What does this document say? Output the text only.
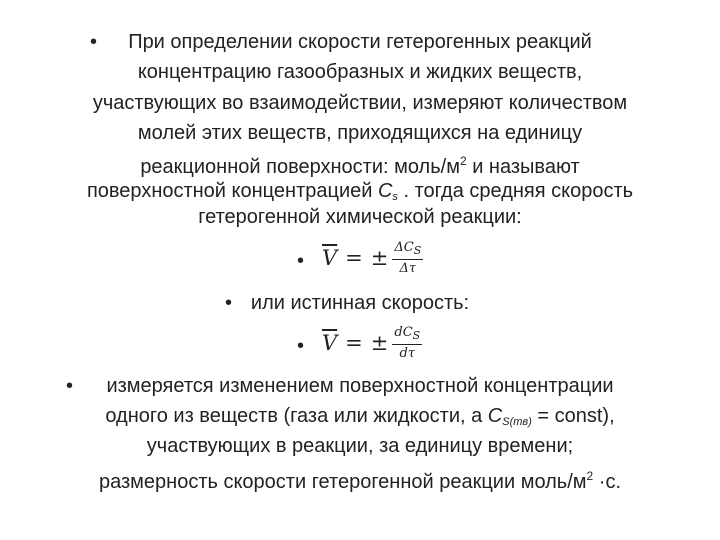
•	При определении скорости гетерогенных реакций
концентрацию газообразных и жидких веществ,
участвующих во взаимодействии, измеряют количеством
молей этих веществ, приходящихся на единицу
реакционной поверхности: моль/$м^2$ и называют
поверхностной концентрацией $C_s$ . тогда средняя скорость
гетерогенной химической реакции:
• $\overline{V}$ = ± $\frac{\Delta C_S}{\Delta\tau}$
• или истинная скорость:
• $\overline{V}$ = ± $\frac{dC_S}{d\tau}$
•	измеряется изменением поверхностной концентрации
одного из веществ (газа или жидкости, а $C_{S(тв)}$ = const),
участвующих в реакции, за единицу времени;
размерность скорости гетерогенной реакции моль/$м^2 \cdot с$.
